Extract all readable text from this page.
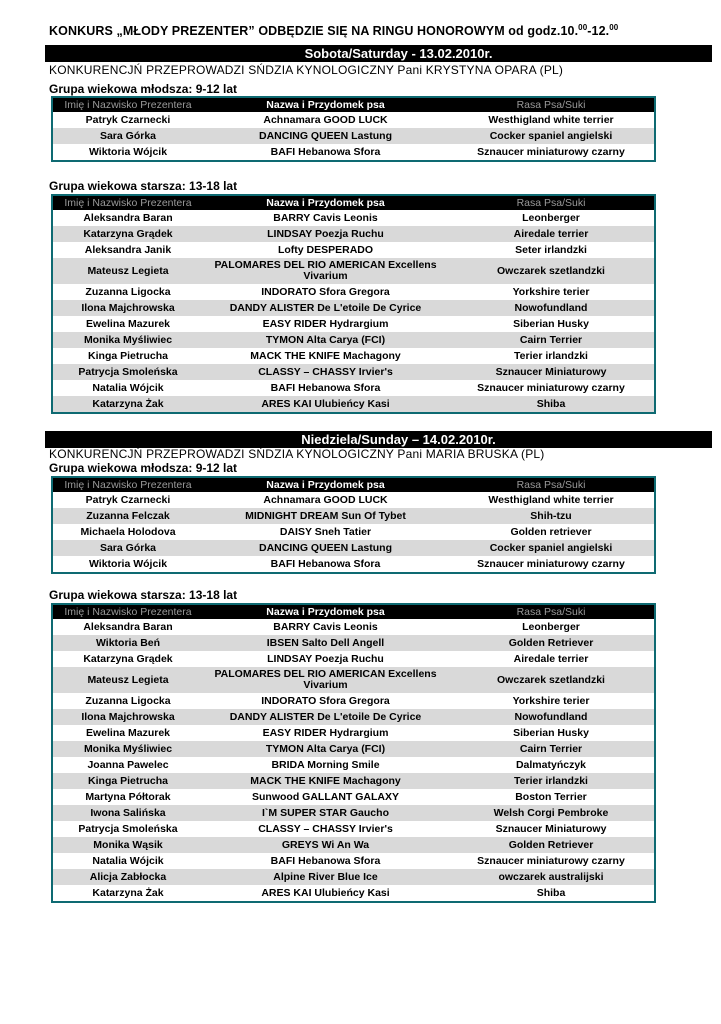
KONKURS „MŁODY PREZENTER” ODBĘDZIE SIĘ NA RINGU HONOROWYM od godz.10.00-12.00
Sobota/Saturday - 13.02.2010r.
KONKURENCJŃ PRZEPROWADZI SŃDZIA KYNOLOGICZNY Pani KRYSTYNA OPARA (PL)
Grupa wiekowa młodsza: 9-12 lat
Imię i Nazwisko Prezentera	Nazwa i Przydomek psa	Rasa Psa/Suki
Patryk Czarnecki	Achnamara GOOD LUCK	Westhigland white terrier
Sara Górka	DANCING QUEEN Lastung	Cocker spaniel angielski
Wiktoria Wójcik	BAFI Hebanowa Sfora	Sznaucer miniaturowy czarny
Grupa wiekowa starsza: 13-18 lat
Imię i Nazwisko Prezentera	Nazwa i Przydomek psa	Rasa Psa/Suki
Aleksandra Baran	BARRY Cavis Leonis	Leonberger
Katarzyna Grądek	LINDSAY Poezja Ruchu	Airedale terrier
Aleksandra Janik	Lofty DESPERADO	Seter irlandzki
Mateusz Legieta	PALOMARES DEL RIO AMERICAN Excellens Vivarium	Owczarek szetlandzki
Zuzanna Ligocka	INDORATO Sfora Gregora	Yorkshire terier
Ilona Majchrowska	DANDY ALISTER De L'etoile De Cyrice	Nowofundland
Ewelina Mazurek	EASY RIDER Hydrargium	Siberian Husky
Monika Myśliwiec	TYMON Alta Carya (FCI)	Cairn Terrier
Kinga Pietrucha	MACK THE KNIFE Machagony	Terier irlandzki
Patrycja Smoleńska	CLASSY – CHASSY Irvier's	Sznaucer Miniaturowy
Natalia Wójcik	BAFI Hebanowa Sfora	Sznaucer miniaturowy czarny
Katarzyna Żak	ARES KAI Ulubieńcy Kasi	Shiba
Niedziela/Sunday – 14.02.2010r.
KONKURENCJŃ PRZEPROWADZI SŃDZIA KYNOLOGICZNY Pani MARIA BRUSKA (PL)
Grupa wiekowa młodsza: 9-12 lat
Imię i Nazwisko Prezentera	Nazwa i Przydomek psa	Rasa Psa/Suki
Patryk Czarnecki	Achnamara GOOD LUCK	Westhigland white terrier
Zuzanna Felczak	MIDNIGHT DREAM Sun Of Tybet	Shih-tzu
Michaela Holodova	DAISY Sneh Tatier	Golden retriever
Sara Górka	DANCING QUEEN Lastung	Cocker spaniel angielski
Wiktoria Wójcik	BAFI Hebanowa Sfora	Sznaucer miniaturowy czarny
Grupa wiekowa starsza: 13-18 lat
Imię i Nazwisko Prezentera	Nazwa i Przydomek psa	Rasa Psa/Suki
Aleksandra Baran	BARRY Cavis Leonis	Leonberger
Wiktoria Beń	IBSEN Salto Dell Angell	Golden Retriever
Katarzyna Grądek	LINDSAY Poezja Ruchu	Airedale terrier
Mateusz Legieta	PALOMARES DEL RIO AMERICAN Excellens Vivarium	Owczarek szetlandzki
Zuzanna Ligocka	INDORATO Sfora Gregora	Yorkshire terier
Ilona Majchrowska	DANDY ALISTER De L'etoile De Cyrice	Nowofundland
Ewelina Mazurek	EASY RIDER Hydrargium	Siberian Husky
Monika Myśliwiec	TYMON Alta Carya (FCI)	Cairn Terrier
Joanna Pawelec	BRIDA Morning Smile	Dalmatyńczyk
Kinga Pietrucha	MACK THE KNIFE Machagony	Terier irlandzki
Martyna Półtorak	Sunwood GALLANT GALAXY	Boston Terrier
Iwona Salińska	I`M SUPER STAR Gaucho	Welsh Corgi Pembroke
Patrycja Smoleńska	CLASSY – CHASSY Irvier's	Sznaucer Miniaturowy
Monika Wąsik	GREYS Wi An Wa	Golden Retriever
Natalia Wójcik	BAFI Hebanowa Sfora	Sznaucer miniaturowy czarny
Alicja Zabłocka	Alpine River Blue Ice	owczarek australijski
Katarzyna Żak	ARES KAI Ulubieńcy Kasi	Shiba
